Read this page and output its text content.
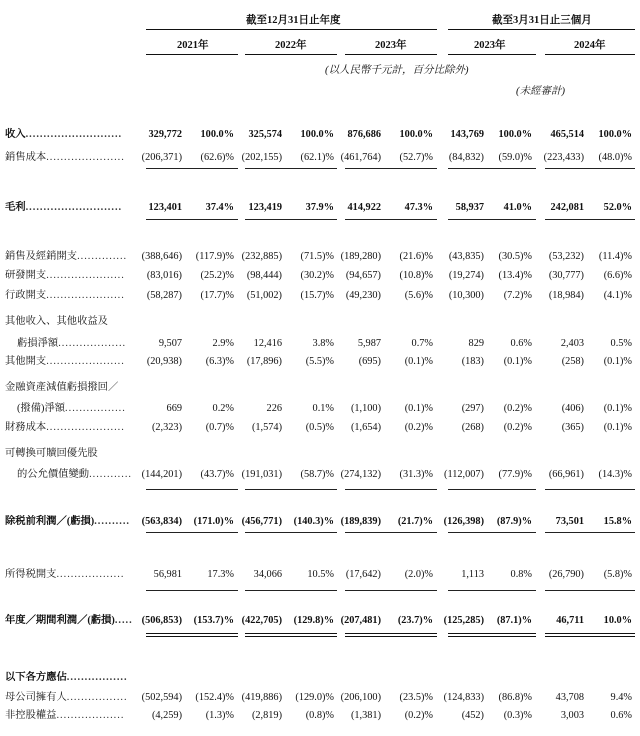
截至12月31日止年度	截至3月31日止三個月
2021年	2022年	2023年	2023年	2024年
(以人民幣千元計，百分比除外)
(未經審計)
收入...........................	329,772 100.0% 325,574 100.0% 876,686 100.0% 143,769 100.0% 465,514 100.0%
銷售成本...................... (206,371) (62.6)% (202,155) (62.1)% (461,764) (52.7)% (84,832) (59.0)% (223,433) (48.0)%
毛利...........................	123,401 37.4% 123,419 37.9% 414,922 47.3% 58,937 41.0% 242,081 52.0%
銷售及經銷開支.............. (388,646) (117.9)% (232,885) (71.5)% (189,280) (21.6)% (43,835) (30.5)% (53,232) (11.4)%
研發開支...................... (83,016) (25.2)% (98,444) (30.2)% (94,657) (10.8)% (19,274) (13.4)% (30,777) (6.6)%
行政開支...................... (58,287) (17.7)% (51,002) (15.7)% (49,230) (5.6)% (10,300) (7.2)% (18,984) (4.1)%
其他收入、其他收益及
虧損淨額...................	9,507	2.9% 12,416	3.8% 5,987	0.7%	829	0.6%	2,403	0.5%
其他開支...................... (20,938) (6.3)% (17,896) (5.5)% (695) (0.1)%	(183) (0.1)%	(258) (0.1)%
金融資產減值虧損撥回／
(撥備)淨額.................	669	0.2%	226	0.1% (1,100) (0.1)%	(297) (0.2)%	(406) (0.1)%
財務成本......................	(2,323) (0.7)% (1,574) (0.5)% (1,654) (0.2)%	(268) (0.2)%	(365) (0.1)%
可轉換可贖回優先股
的公允價值變動............ (144,201) (43.7)% (191,031) (58.7)% (274,132) (31.3)% (112,007) (77.9)% (66,961) (14.3)%
除税前利潤／(虧損).......... (563,834) (171.0)% (456,771) (140.3)% (189,839) (21.7)% (126,398) (87.9)% 73,501 15.8%
所得税開支...................	56,981 17.3% 34,066 10.5% (17,642) (2.0)%	1,113	0.8% (26,790) (5.8)%
年度／期間利潤／(虧損)..... (506,853) (153.7)% (422,705) (129.8)% (207,481) (23.7)% (125,285) (87.1)% 46,711 10.0%
以下各方應佔.................
母公司擁有人................. (502,594) (152.4)% (419,886) (129.0)% (206,100) (23.5)% (124,833) (86.8)% 43,708	9.4%
非控股權益...................	(4,259) (1.3)% (2,819) (0.8)% (1,381) (0.2)%	(452) (0.3)%	3,003	0.6%
